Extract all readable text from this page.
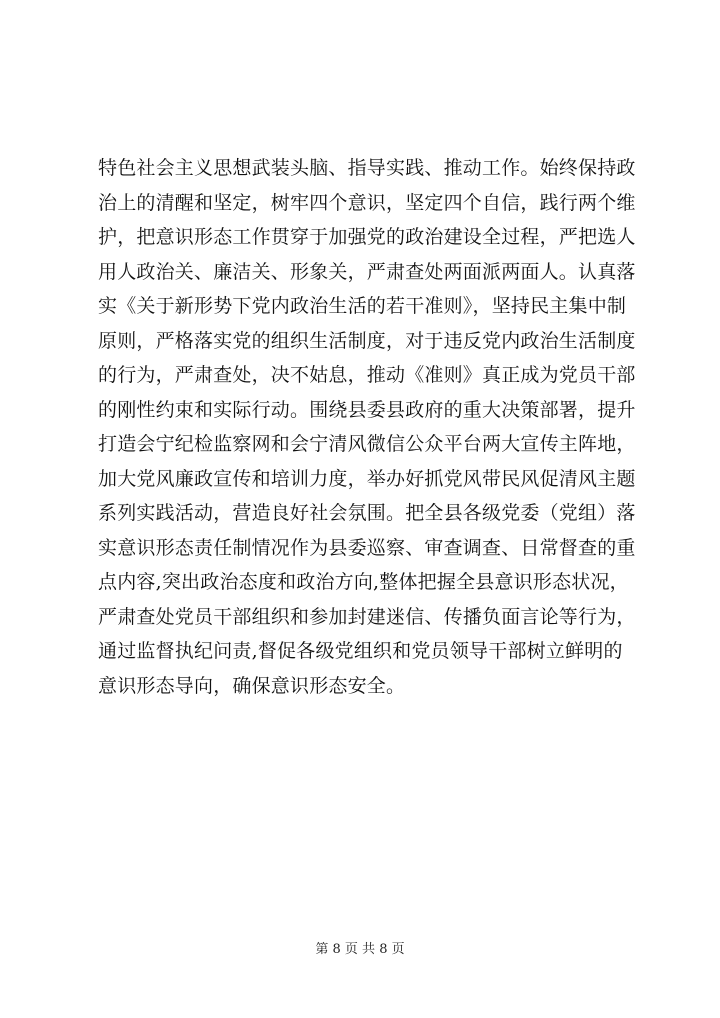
特色社会主义思想武装头脑、指导实践、推动工作。始终保持政
治上的清醒和坚定，树牢四个意识，坚定四个自信，践行两个维
护，把意识形态工作贯穿于加强党的政治建设全过程，严把选人
用人政治关、廉洁关、形象关，严肃查处两面派两面人。认真落
实《关于新形势下党内政治生活的若干准则》，坚持民主集中制
原则，严格落实党的组织生活制度，对于违反党内政治生活制度
的行为，严肃查处，决不姑息，推动《准则》真正成为党员干部
的刚性约束和实际行动。围绕县委县政府的重大决策部署，提升
打造会宁纪检监察网和会宁清风微信公众平台两大宣传主阵地，
加大党风廉政宣传和培训力度，举办好抓党风带民风促清风主题
系列实践活动，营造良好社会氛围。把全县各级党委（党组）落
实意识形态责任制情况作为县委巡察、审查调查、日常督查的重
点内容,突出政治态度和政治方向,整体把握全县意识形态状况，
严肃查处党员干部组织和参加封建迷信、传播负面言论等行为，
通过监督执纪问责,督促各级党组织和党员领导干部树立鲜明的
意识形态导向，确保意识形态安全。
第 8 页 共 8 页
